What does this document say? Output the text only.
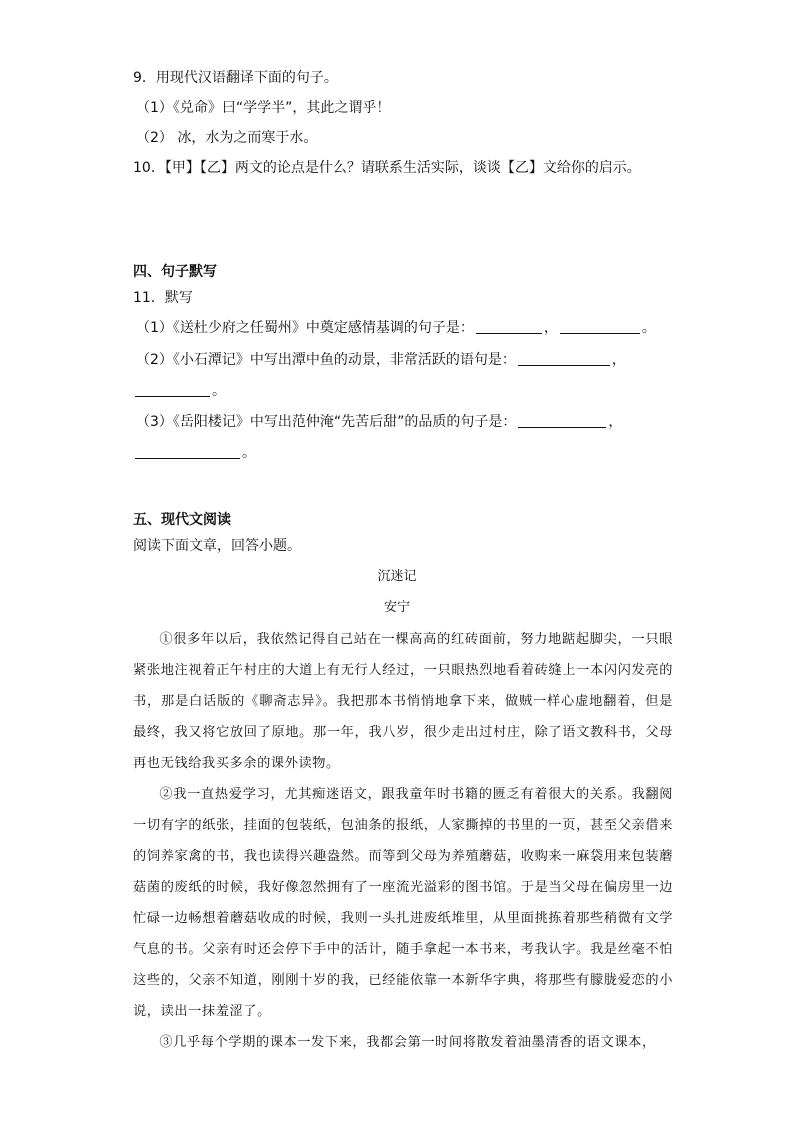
9．用现代汉语翻译下面的句子。
（1）《兑命》曰“学学半”，其此之谓乎！
（2） 冰，水为之而寒于水。
10．【甲】【乙】两文的论点是什么？请联系生活实际，谈谈【乙】文给你的启示。
四、句子默写
11．默写
（1）《送杜少府之任蜀州》中奠定感情基调的句子是：	，	。
（2）《小石潭记》中写出潭中鱼的动景，非常活跃的语句是：	，
。
（3）《岳阳楼记》中写出范仲淹“先苦后甜”的品质的句子是：	，
。
五、现代文阅读
阅读下面文章，回答小题。
沉迷记
安宁

①很多年以后，我依然记得自己站在一棵高高的红砖面前，努力地踮起脚尖，一只眼紧张地注视着正午村庄的大道上有无行人经过，一只眼热烈地看着砖缝上一本闪闪发亮的书，那是白话版的《聊斋志异》。我把那本书悄悄地拿下来，做贼一样心虚地翻着，但是最终，我又将它放回了原地。那一年，我八岁，很少走出过村庄，除了语文教科书，父母再也无钱给我买多余的课外读物。

②我一直热爱学习，尤其痴迷语文，跟我童年时书籍的匮乏有着很大的关系。我翻阅一切有字的纸张，挂面的包装纸，包油条的报纸，人家撕掉的书里的一页，甚至父亲借来的饲养家禽的书，我也读得兴趣盎然。而等到父母为养殖蘑菇，收购来一麻袋用来包装蘑菇菌的废纸的时候，我好像忽然拥有了一座流光溢彩的图书馆。于是当父母在偏房里一边忙碌一边畅想着蘑菇收成的时候，我则一头扎进废纸堆里，从里面挑拣着那些稍微有文学气息的书。父亲有时还会停下手中的活计，随手拿起一本书来，考我认字。我是丝毫不怕这些的，父亲不知道，刚刚十岁的我，已经能依靠一本新华字典，将那些有朦胧爱恋的小说，读出一抹羞涩了。

③几乎每个学期的课本一发下来，我都会第一时间将散发着油墨清香的语文课本，
